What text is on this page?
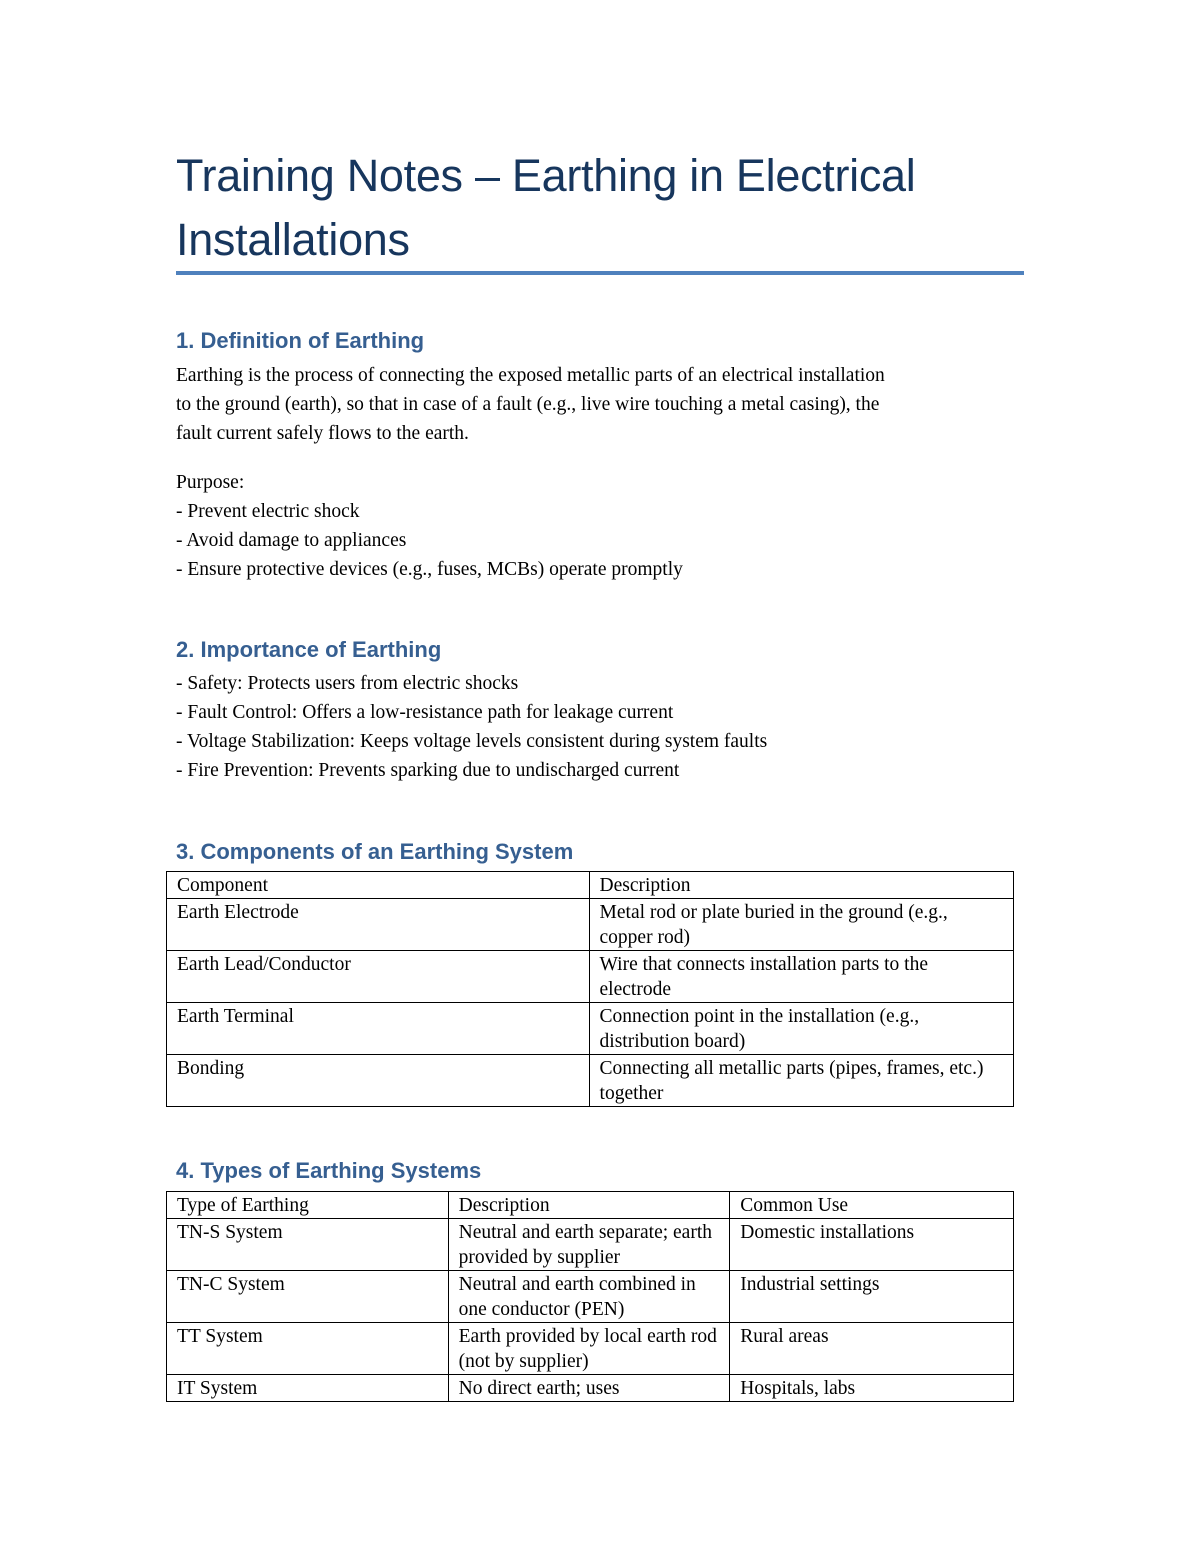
Training Notes – Earthing in Electrical Installations
1. Definition of Earthing

Earthing is the process of connecting the exposed metallic parts of an electrical installation
to the ground (earth), so that in case of a fault (e.g., live wire touching a metal casing), the
fault current safely flows to the earth.

Purpose:
- Prevent electric shock
- Avoid damage to appliances
- Ensure protective devices (e.g., fuses, MCBs) operate promptly

2. Importance of Earthing

- Safety: Protects users from electric shocks
- Fault Control: Offers a low-resistance path for leakage current
- Voltage Stabilization: Keeps voltage levels consistent during system faults
- Fire Prevention: Prevents sparking due to undischarged current

3. Components of an Earthing System
Component	Description
Earth Electrode	Metal rod or plate buried in the ground (e.g., copper rod)
Earth Lead/Conductor	Wire that connects installation parts to the electrode
Earth Terminal	Connection point in the installation (e.g., distribution board)
Bonding	Connecting all metallic parts (pipes, frames, etc.) together
4. Types of Earthing Systems
Type of Earthing	Description	Common Use
TN-S System	Neutral and earth separate; earth provided by supplier	Domestic installations
TN-C System	Neutral and earth combined in one conductor (PEN)	Industrial settings
TT System	Earth provided by local earth rod (not by supplier)	Rural areas
IT System	No direct earth; uses	Hospitals, labs
